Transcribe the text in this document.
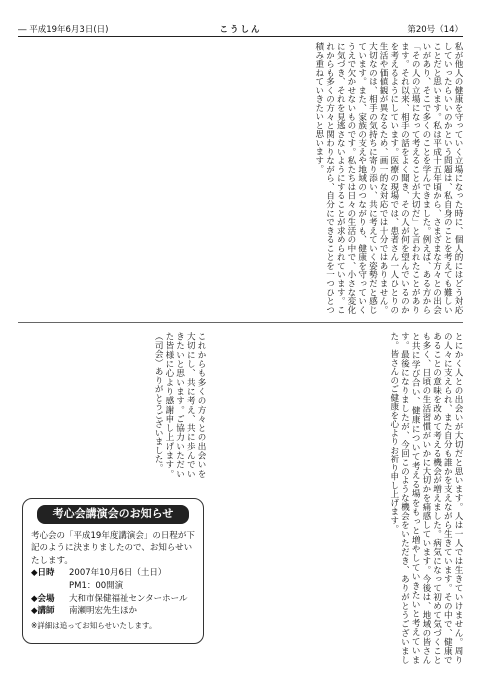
― 平成19年6月3日(日)	こうしん	第20号（14）

私が他人の健康を守っていく立場になった時に、個人的にはどう対応していったらいいのかという問題は、私自身のことを考えても難しいことだと思います。私は平成十五年頃から、さまざまな方々との出会いがあり、そこで多くのことを学んできました。例えば、ある方から「その人の立場になって考えることが大切だ」と言われたことがあります。それ以来、相手の話をよく聞き、その人が何を望んでいるのかを考えるようにしています。医療の現場では、患者さん一人ひとりの生活や価値観が異なるため、画一的な対応では十分ではありません。大切なのは、相手の気持ちに寄り添い、共に考えていく姿勢だと感じています。また、家族の支えや地域のつながりも、健康を守っていくうえで欠かせないものです。私たちは日々の生活の中で、小さな変化に気づき、それを見逃さないようにすることが求められています。これからも多くの方々と関わりながら、自分にできることを一つひとつ積み重ねていきたいと思います。

とにかく人との出会いが大切だと思います。人は一人では生きていけません。周りの人々に支えられ、また自分も誰かを支えながら生きています。その中で、健康であることの意味を改めて考える機会が増えました。病気になって初めて気づくことも多く、日頃の生活習慣がいかに大切かを痛感しています。今後は、地域の皆さんと共に学び合い、健康について考える場をもっと増やしていきたいと考えています。最後になりましたが、今回このような機会をいただき、ありがとうございました。皆さんのご健康を心よりお祈り申し上げます。

これからも多くの方々との出会いを大切にし、共に考え、共に歩んでいきたいと思います。ご協力いただいた皆様に心より感謝申し上げます。（司会）ありがとうございました。

考心会講演会のお知らせ
考心会の「平成19年度講演会」の日程が下記のように決まりましたので、お知らせいたします。
◆日時	2007年10月6日（土日）
PM1：00開演
◆会場	大和市保健福祉センターホール
◆講師	南瀬明宏先生ほか
※詳細は追ってお知らせいたします。
